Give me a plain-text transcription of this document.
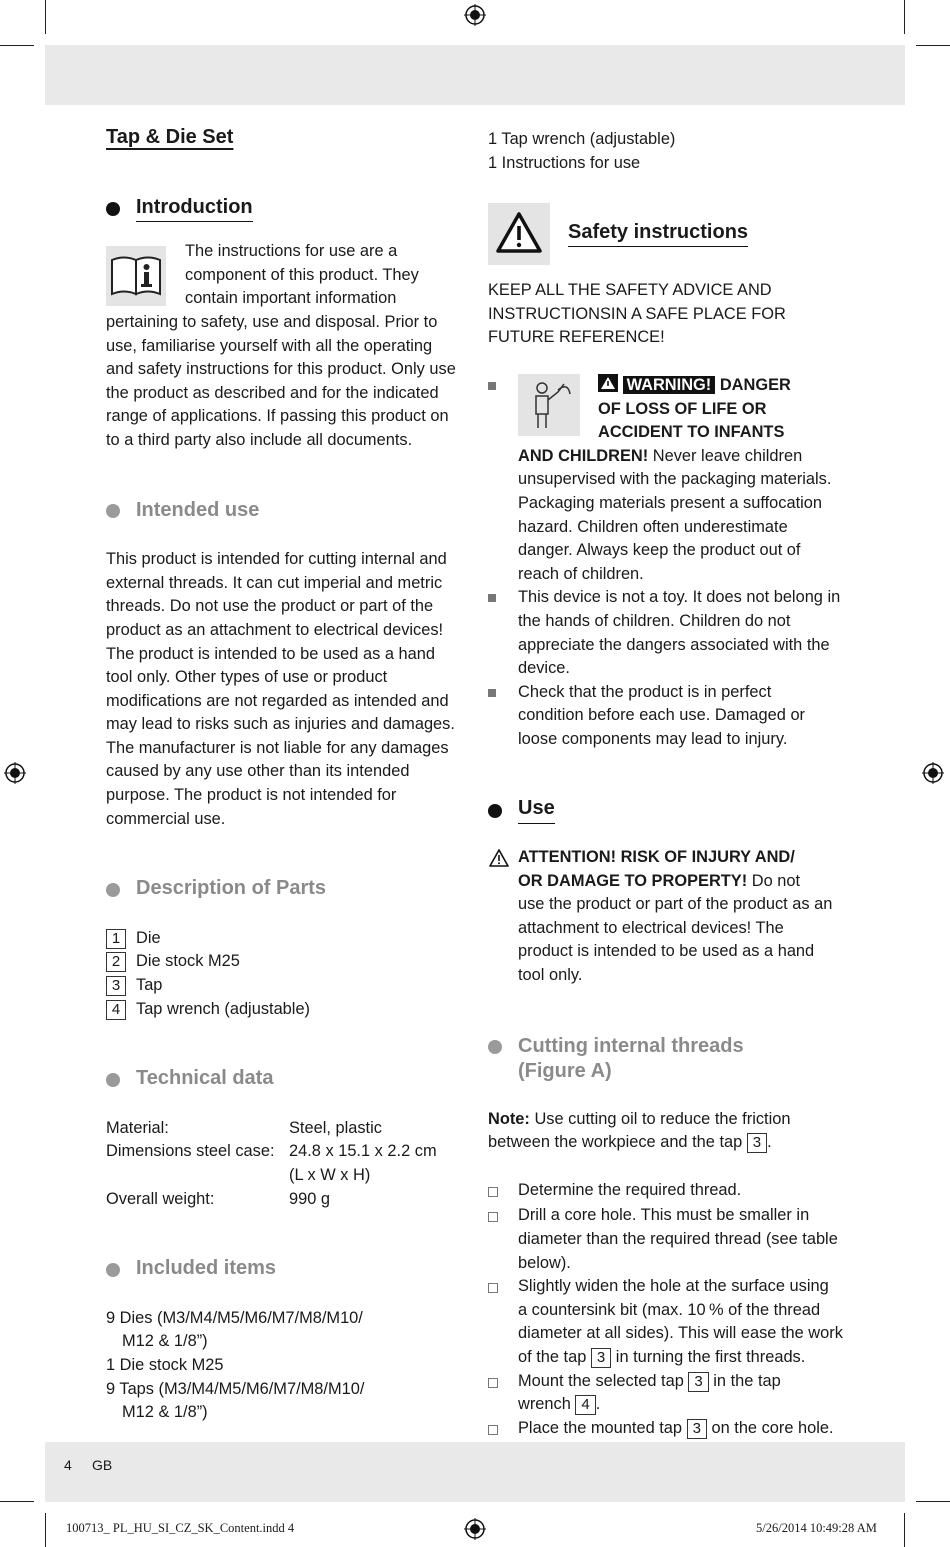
Tap & Die Set

Introduction
The instructions for use are a
component of this product. They
contain important information
pertaining to safety, use and disposal. Prior to
use, familiarise yourself with all the operating
and safety instructions for this product. Only use
the product as described and for the indicated
range of applications. If passing this product on
to a third party also include all documents.
Intended use
This product is intended for cutting internal and
external threads. It can cut imperial and metric
threads. Do not use the product or part of the
product as an attachment to electrical devices!
The product is intended to be used as a hand
tool only. Other types of use or product
modifications are not regarded as intended and
may lead to risks such as injuries and damages.
The manufacturer is not liable for any damages
caused by any use other than its intended
purpose. The product is not intended for
commercial use.
Description of Parts
1 Die
2 Die stock M25
3 Tap
4 Tap wrench (adjustable)
Technical data
Material:	Steel, plastic
Dimensions steel case: 24.8 x 15.1 x 2.2 cm
(L x W x H)
Overall weight:	990 g
Included items
9 Dies (M3/M4/M5/M6/M7/M8/M10/
M12 & 1/8”)
1 Die stock M25
9 Taps (M3/M4/M5/M6/M7/M8/M10/
M12 & 1/8”)
1 Tap wrench (adjustable)
1 Instructions for use
Safety instructions
KEEP ALL THE SAFETY ADVICE AND
INSTRUCTIONSIN A SAFE PLACE FOR
FUTURE REFERENCE!
WARNING! DANGER
OF LOSS OF LIFE OR
ACCIDENT TO INFANTS
AND CHILDREN! Never leave children
unsupervised with the packaging materials.
Packaging materials present a suffocation
hazard. Children often underestimate
danger. Always keep the product out of
reach of children.
This device is not a toy. It does not belong in
the hands of children. Children do not
appreciate the dangers associated with the
device.
Check that the product is in perfect
condition before each use. Damaged or
loose components may lead to injury.
Use
ATTENTION! RISK OF INJURY AND/
OR DAMAGE TO PROPERTY! Do not
use the product or part of the product as an
attachment to electrical devices! The
product is intended to be used as a hand
tool only.
Cutting internal threads
(Figure A)
Note: Use cutting oil to reduce the friction
between the workpiece and the tap 3 .
Determine the required thread.
Drill a core hole. This must be smaller in
diameter than the required thread (see table
below).
Slightly widen the hole at the surface using
a countersink bit (max. 10 % of the thread
diameter at all sides). This will ease the work
of the tap 3 in turning the first threads.
Mount the selected tap 3 in the tap
wrench 4 .
Place the mounted tap 3 on the core hole.
4 GB
100713_ PL_HU_SI_CZ_SK_Content.indd 4	5/26/2014 10:49:28 AM
